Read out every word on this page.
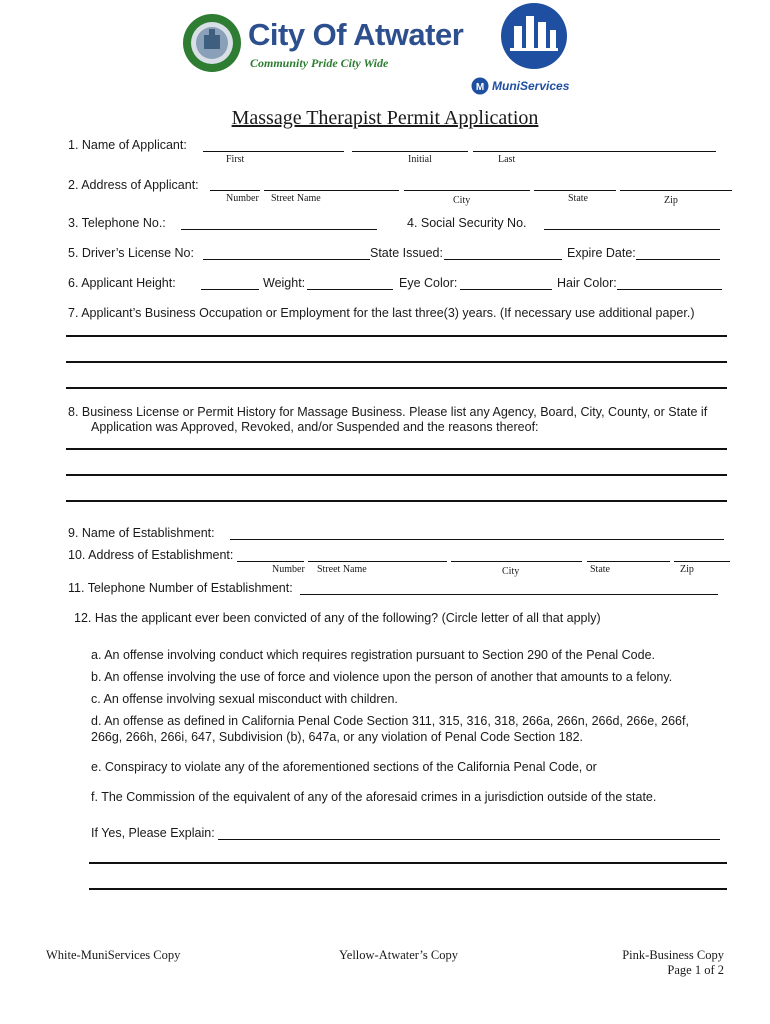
City Of Atwater
Community Pride City Wide
M MuniServices
Massage Therapist Permit Application
1. Name of Applicant:
First	Initial	Last
2. Address of Applicant:
Number Street Name	City	State	Zip
3. Telephone No.:	4. Social Security No.
5. Driver’s License No:	State Issued:	Expire Date:
6. Applicant Height:	Weight:	Eye Color:	Hair Color:
7. Applicant’s Business Occupation or Employment for the last three(3) years. (If necessary use additional paper.)
8. Business License or Permit History for Massage Business. Please list any Agency, Board, City, County, or State if
Application was Approved, Revoked, and/or Suspended and the reasons thereof:
9. Name of Establishment:
10. Address of Establishment:
Number Street Name	City	State	Zip
11. Telephone Number of Establishment:
12. Has the applicant ever been convicted of any of the following? (Circle letter of all that apply)
a. An offense involving conduct which requires registration pursuant to Section 290 of the Penal Code.
b. An offense involving the use of force and violence upon the person of another that amounts to a felony.
c. An offense involving sexual misconduct with children.
d. An offense as defined in California Penal Code Section 311, 315, 316, 318, 266a, 266n, 266d, 266e, 266f,
266g, 266h, 266i, 647, Subdivision (b), 647a, or any violation of Penal Code Section 182.
e. Conspiracy to violate any of the aforementioned sections of the California Penal Code, or
f. The Commission of the equivalent of any of the aforesaid crimes in a jurisdiction outside of the state.
If Yes, Please Explain:
White-MuniServices Copy	Yellow-Atwater’s Copy	Pink-Business Copy
Page 1 of 2
